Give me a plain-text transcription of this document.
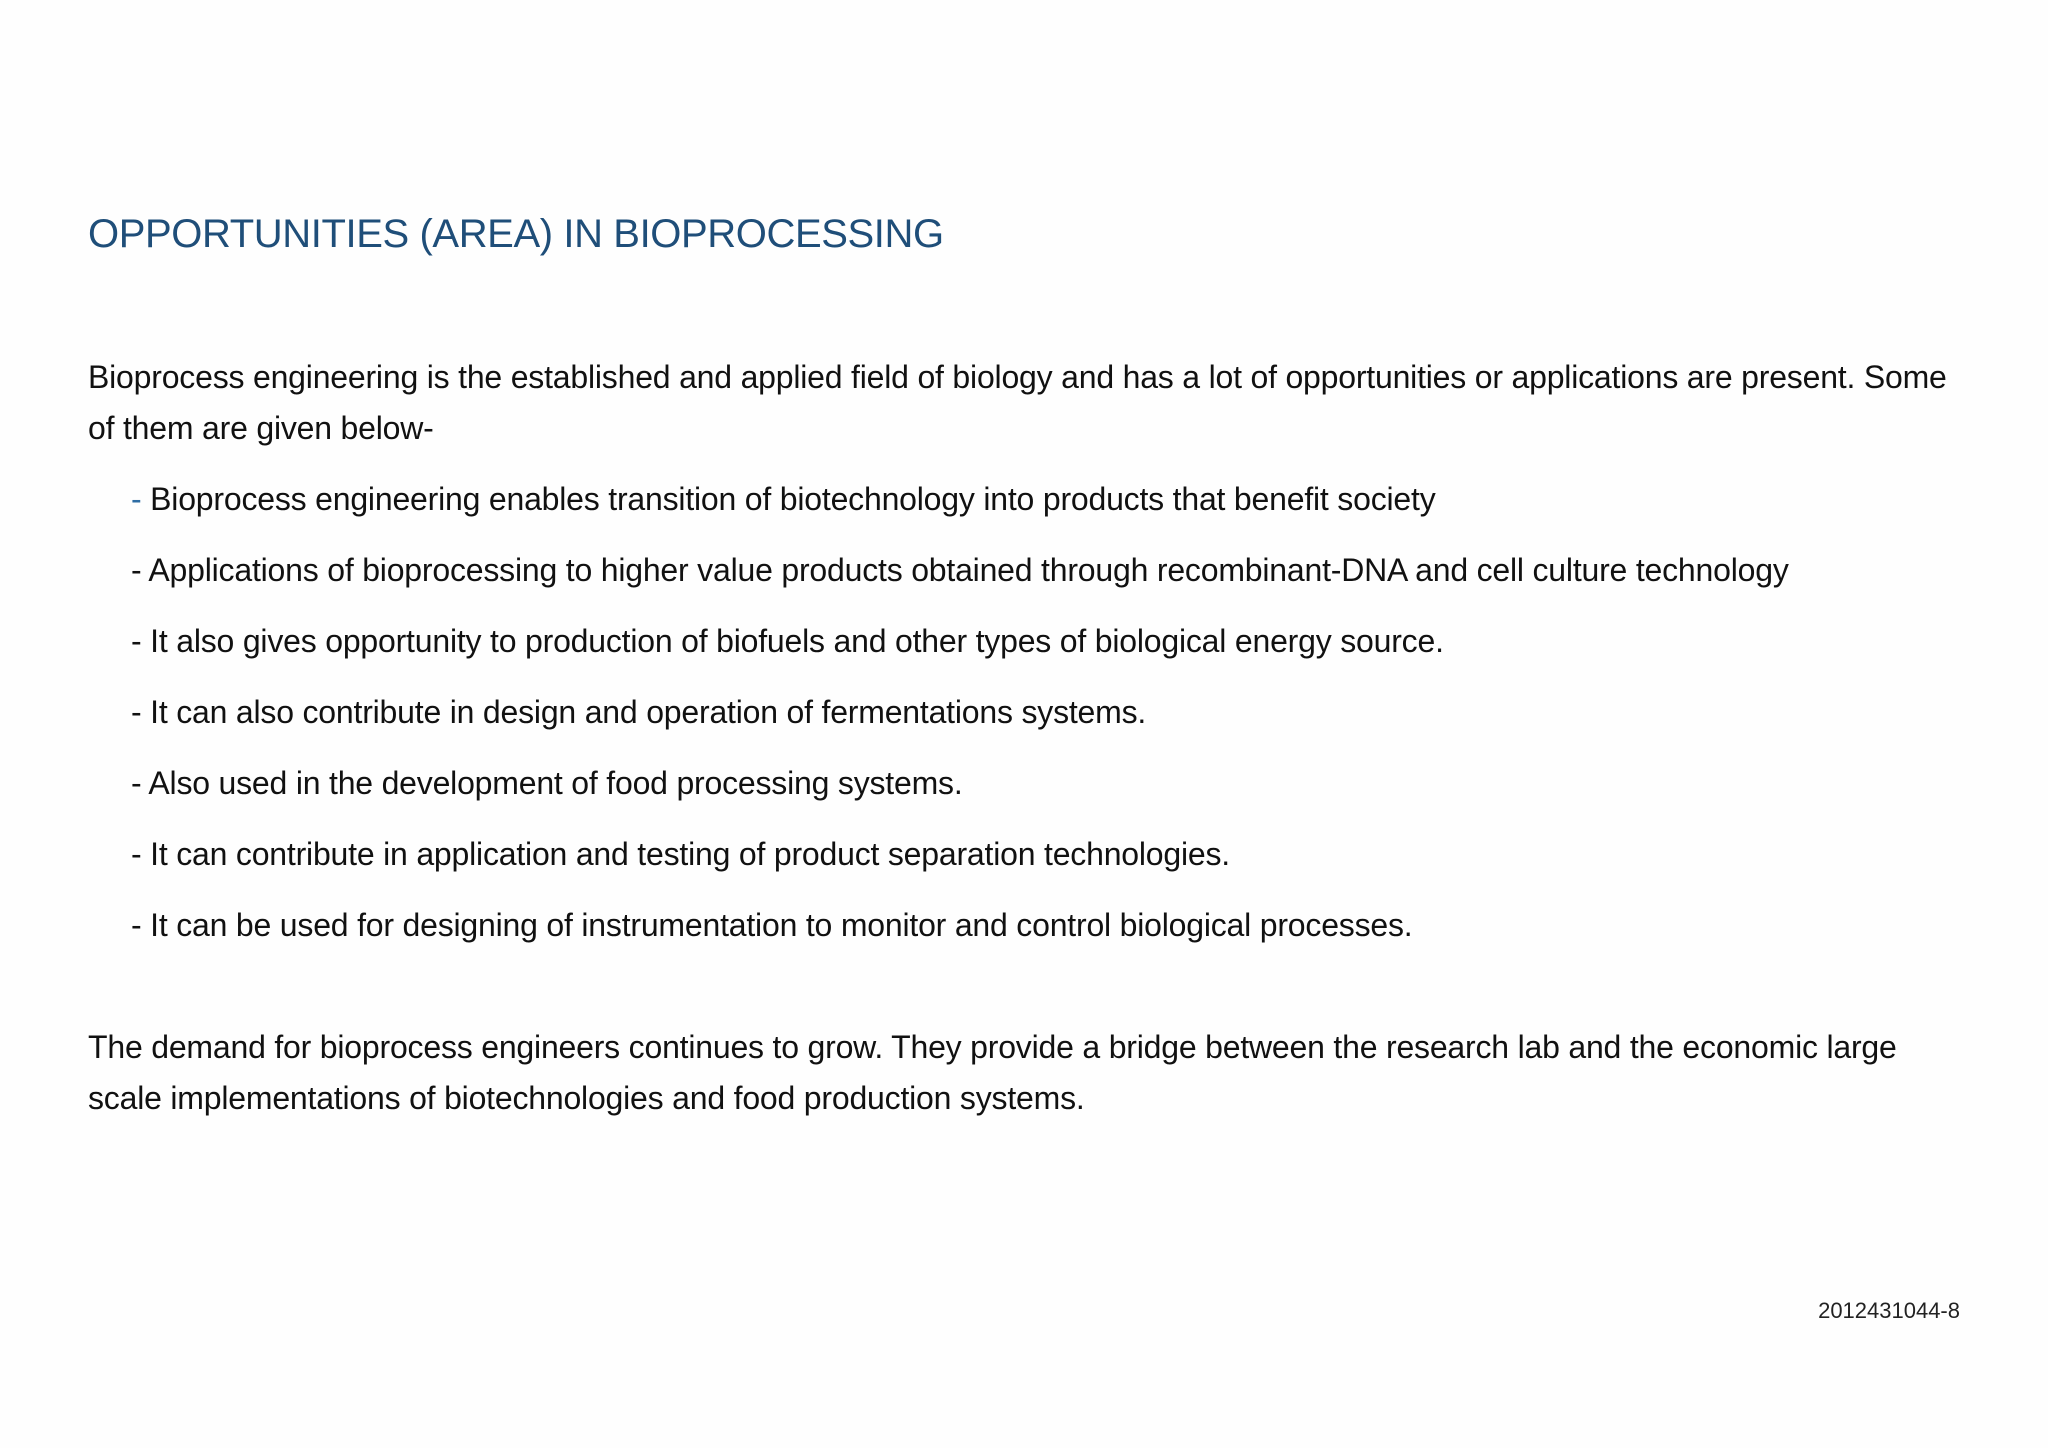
OPPORTUNITIES (AREA) IN BIOPROCESSING

Bioprocess engineering is the established and applied field of biology and has a lot of opportunities or applications are present. Some of them are given below-

- Bioprocess engineering enables transition of biotechnology into products that benefit society
- Applications of bioprocessing to higher value products obtained through recombinant-DNA and cell culture technology
- It also gives opportunity to production of biofuels and other types of biological energy source.
- It can also contribute in design and operation of fermentations systems.
- Also used in the development of food processing systems.
- It can contribute in application and testing of product separation technologies.
- It can be used for designing of instrumentation to monitor and control biological processes.

The demand for bioprocess engineers continues to grow. They provide a bridge between the research lab and the economic large scale implementations of biotechnologies and food production systems.

2012431044-8
